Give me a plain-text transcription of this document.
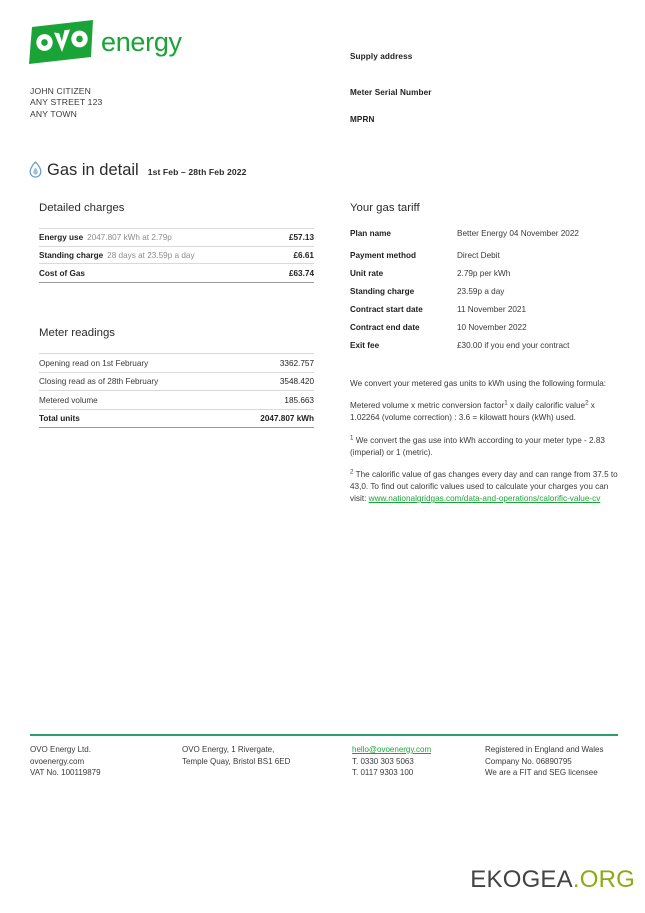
energy
JOHN CITIZEN
ANY STREET 123
ANY TOWN
Supply address
Meter Serial Number
MPRN
Gas in detail 1st Feb – 28th Feb 2022
Detailed charges
Energy use 2047.807 kWh at 2.79p	£57.13
Standing charge 28 days at 23.59p a day	£6.61
Cost of Gas	£63.74
Meter readings
Opening read on 1st February	3362.757
Closing read as of 28th February	3548.420
Metered volume	185.663
Total units	2047.807 kWh
Your gas tariff
Plan name	Better Energy 04 November 2022
Payment method	Direct Debit
Unit rate	2.79p per kWh
Standing charge	23.59p a day
Contract start date	11 November 2021
Contract end date	10 November 2022
Exit fee	£30.00 if you end your contract

We convert your metered gas units to kWh using the following formula:

Metered volume x metric conversion factor$^1$ x daily calorific value$^2$ x 1.02264 (volume correction) : 3.6 = kilowatt hours (kWh) used.

$^1$ We convert the gas use into kWh according to your meter type - 2.83 (imperial) or 1 (metric).

$^2$ The calorific value of gas changes every day and can range from 37.5 to 43,0. To find out calorific values used to calculate your charges you can visit: www.nationalgridgas.com/data-and-operations/calorific-value-cv

OVO Energy Ltd.
ovoenergy.com
VAT No. 100119879
OVO Energy, 1 Rivergate,
Temple Quay, Bristol BS1 6ED
hello@ovoenergy.com
T. 0330 303 5063
T. 0117 9303 100
Registered in England and Wales
Company No. 06890795
We are a FIT and SEG licensee
EKOGEA.ORG
